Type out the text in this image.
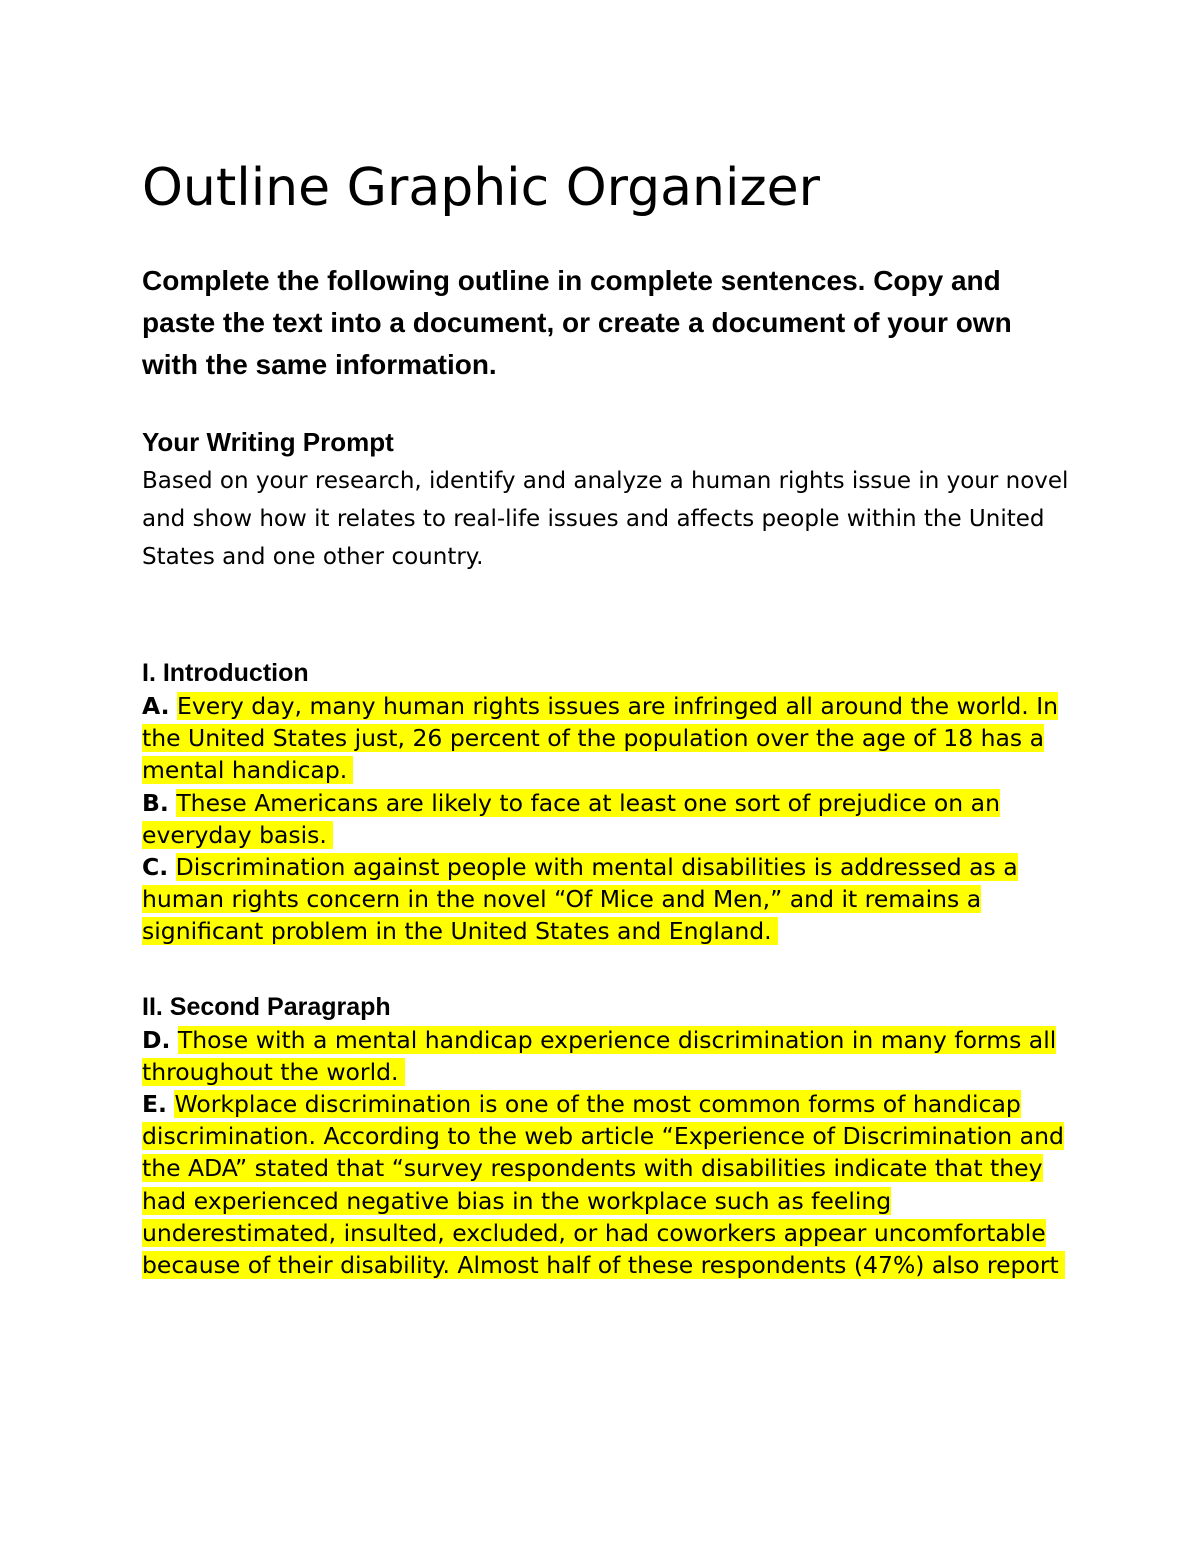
Outline Graphic Organizer

Complete the following outline in complete sentences. Copy and paste the text into a document, or create a document of your own with the same information.

Your Writing Prompt

Based on your research, identify and analyze a human rights issue in your novel and show how it relates to real-life issues and affects people within the United States and one other country.

I. Introduction
A. Every day, many human rights issues are infringed all around the world. In the United States just, 26 percent of the population over the age of 18 has a mental handicap.
B. These Americans are likely to face at least one sort of prejudice on an everyday basis.
C. Discrimination against people with mental disabilities is addressed as a human rights concern in the novel “Of Mice and Men,” and it remains a significant problem in the United States and England.
II. Second Paragraph
D. Those with a mental handicap experience discrimination in many forms all throughout the world.
E. Workplace discrimination is one of the most common forms of handicap discrimination. According to the web article “Experience of Discrimination and the ADA” stated that “survey respondents with disabilities indicate that they had experienced negative bias in the workplace such as feeling underestimated, insulted, excluded, or had coworkers appear uncomfortable because of their disability. Almost half of these respondents (47%) also report
